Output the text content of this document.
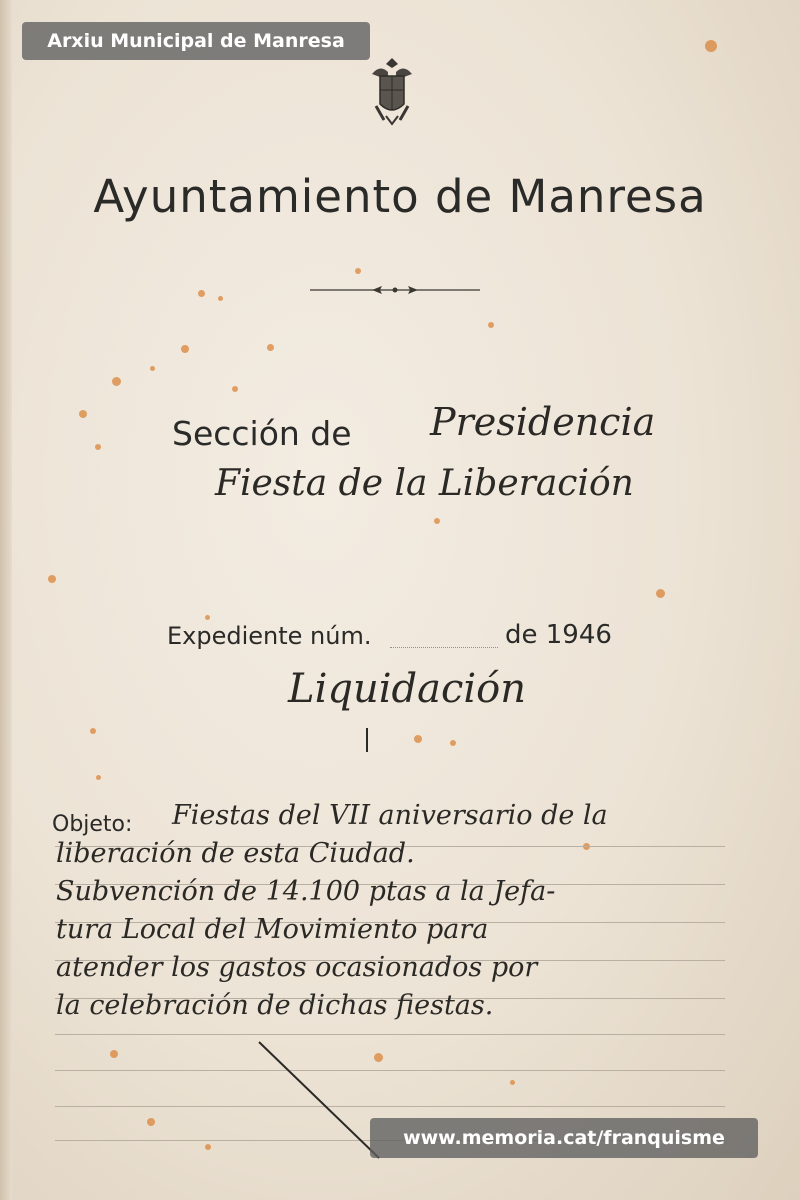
Arxiu Municipal de Manresa
Ayuntamiento de Manresa
Sección de Presidencia
Fiesta de la Liberación
Expediente núm.	de 1946
Liquidación
Objeto: Fiestas del VII aniversario de la
liberación de esta Ciudad.
Subvención de 14.100 ptas a la Jefa-
tura Local del Movimiento para
atender los gastos ocasionados por
la celebración de dichas fiestas.
www.memoria.cat/franquisme
